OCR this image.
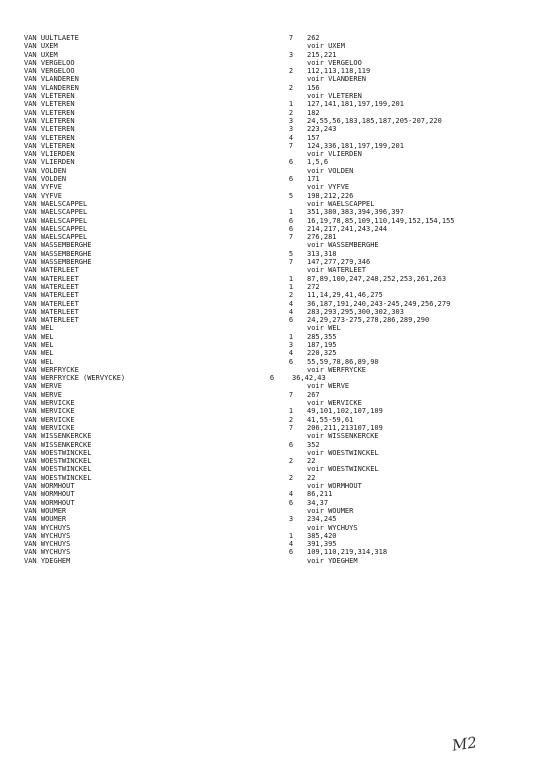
VAN UULTLAETE	7 262
VAN UXEM	voir UXEM
VAN UXEM	3 215,221
VAN VERGELOO	voir VERGELOO
VAN VERGELOO	2 112,113,118,119
VAN VLANDEREN	voir VLANDEREN
VAN VLANDEREN	2 156
VAN VLETEREN	voir VLETEREN
VAN VLETEREN	1 127,141,181,197,199,201
VAN VLETEREN	2 182
VAN VLETEREN	3 24,55,56,183,185,187,205-207,220
VAN VLETEREN	3 223,243
VAN VLETEREN	4 157
VAN VLETEREN	7 124,336,181,197,199,201
VAN VLIERDEN	voir VLIERDEN
VAN VLIERDEN	6 1,5,6
VAN VOLDEN	voir VOLDEN
VAN VOLDEN	6 171
VAN VYFVE	voir VYFVE
VAN VYFVE	5 198,212,226
VAN WAELSCAPPEL	voir WAELSCAPPEL
VAN WAELSCAPPEL	1 351,380,383,394,396,397
VAN WAELSCAPPEL	6 16,19,78,85,109,110,149,152,154,155
VAN WAELSCAPPEL	6 214,217,241,243,244
VAN WAELSCAPPEL	7 276,281
VAN WASSEMBERGHE	voir WASSEMBERGHE
VAN WASSEMBERGHE	5 313,318
VAN WASSEMBERGHE	7 147,277,279,346
VAN WATERLEET	voir WATERLEET
VAN WATERLEET	1 87,89,100,247,248,252,253,261,263
VAN WATERLEET	1 272
VAN WATERLEET	2 11,14,29,41,46,275
VAN WATERLEET	4 36,187,191,240,243-245,249,256,279
VAN WATERLEET	4 283,293,295,300,302,303
VAN WATERLEET	6 24,29,273-275,278,286,289,290
VAN WEL	voir WEL
VAN WEL	1 285,355
VAN WEL	3 187,195
VAN WEL	4 220,325
VAN WEL	6 55,59,78,86,89,90
VAN WERFRYCKE	voir WERFRYCKE
VAN WERFRYCKE (WERVYCKE)	6	36,42,43
VAN WERVE	voir WERVE
VAN WERVE	7 267
VAN WERVICKE	voir WERVICKE
VAN WERVICKE	1 49,101,102,107,109
VAN WERVICKE	2 41,55-59,61
VAN WERVICKE	7 206,211,213107,109
VAN WISSENKERCKE	voir WISSENKERCKE
VAN WISSENKERCKE	6 352
VAN WOESTWINCKEL	voir WOESTWINCKEL
VAN WOESTWINCKEL	2 22
VAN WOESTWINCKEL	voir WOESTWINCKEL
VAN WOESTWINCKEL	2 22
VAN WORMHOUT	voir WORMHOUT
VAN WORMHOUT	4 86,211
VAN WORMHOUT	6 34,37
VAN WOUMER	voir WOUMER
VAN WOUMER	3 234,245
VAN WYCHUYS	voir WYCHUYS
VAN WYCHUYS	1 385,420
VAN WYCHUYS	4 391,395
VAN WYCHUYS	6 109,110,219,314,318
VAN YDEGHEM	voir YDEGHEM
M2
